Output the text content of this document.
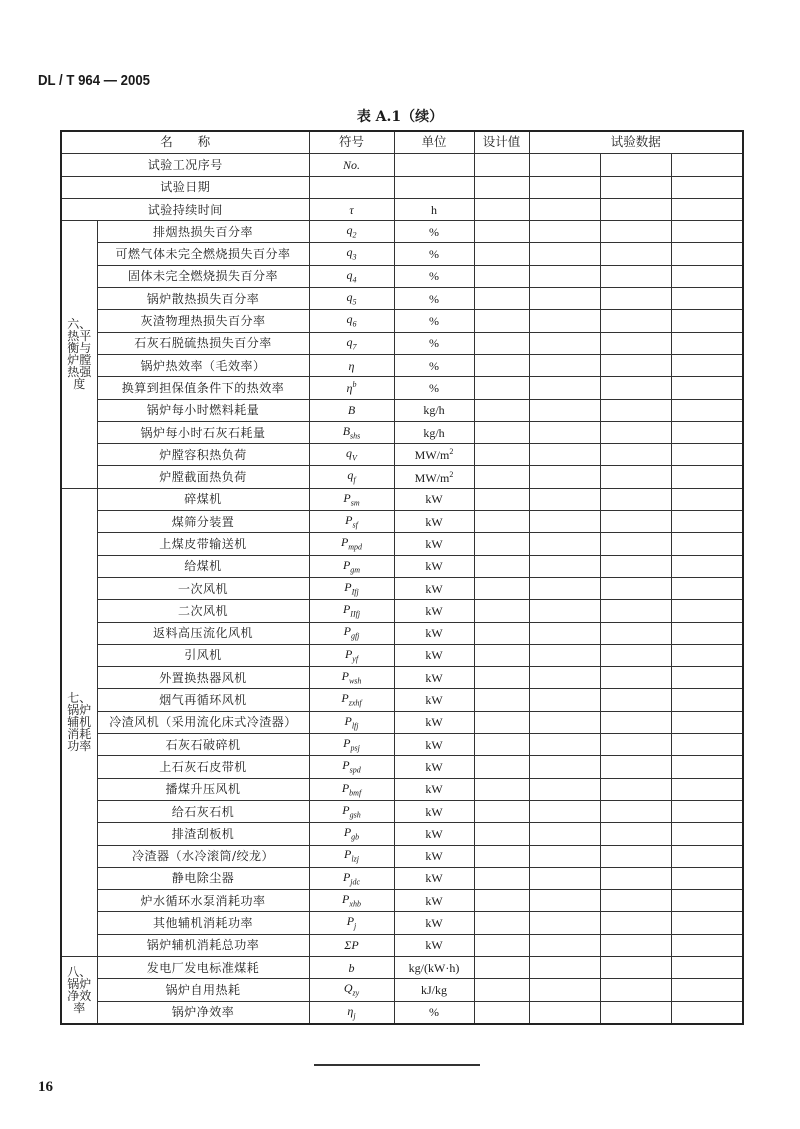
DL / T 964 — 2005
表 A.1（续）
名　　称		符号	单位	设计值	试验数据		
试验工况序号		No.					
试验日期							
试验持续时间		τ	h				
六、热平衡与炉膛热强度	排烟热损失百分率	$q_2$	%				
	可燃气体未完全燃烧损失百分率	$q_3$	%				
	固体未完全燃烧损失百分率	$q_4$	%				
	锅炉散热损失百分率	$q_5$	%				
	灰渣物理热损失百分率	$q_6$	%				
	石灰石脱硫热损失百分率	$q_7$	%				
	锅炉热效率（毛效率）	η	%				
	换算到担保值条件下的热效率	$\eta^b$	%				
	锅炉每小时燃料耗量	B	kg/h				
	锅炉每小时石灰石耗量	$B_{shs}$	kg/h				
	炉膛容积热负荷	$q_V$	$MW/m^2$				
	炉膛截面热负荷	$q_f$	$MW/m^2$				
七、锅炉辅机消耗功率	碎煤机	$P_{sm}$	kW				
	煤筛分装置	$P_{sf}$	kW				
	上煤皮带输送机	$P_{mpd}$	kW				
	给煤机	$P_{gm}$	kW				
	一次风机	$P_{Ifj}$	kW				
	二次风机	$P_{IIfj}$	kW				
	返料高压流化风机	$P_{gfj}$	kW				
	引风机	$P_{yf}$	kW				
	外置换热器风机	$P_{wsh}$	kW				
	烟气再循环风机	$P_{zxhf}$	kW				
	冷渣风机（采用流化床式冷渣器）	$P_{lfj}$	kW				
	石灰石破碎机	$P_{psj}$	kW				
	上石灰石皮带机	$P_{spd}$	kW				
	播煤升压风机	$P_{bmf}$	kW				
	给石灰石机	$P_{gsh}$	kW				
	排渣刮板机	$P_{gb}$	kW				
	冷渣器（水冷滚筒/绞龙）	$P_{lzj}$	kW				
	静电除尘器	$P_{jdc}$	kW				
	炉水循环水泵消耗功率	$P_{xhb}$	kW				
	其他辅机消耗功率	$P_j$	kW				
	锅炉辅机消耗总功率	ΣP	kW				
八、锅炉净效率	发电厂发电标准煤耗	b	kg/(kW·h)				
	锅炉自用热耗	$Q_{zy}$	kJ/kg				
	锅炉净效率	$\eta_j$	%				
16
